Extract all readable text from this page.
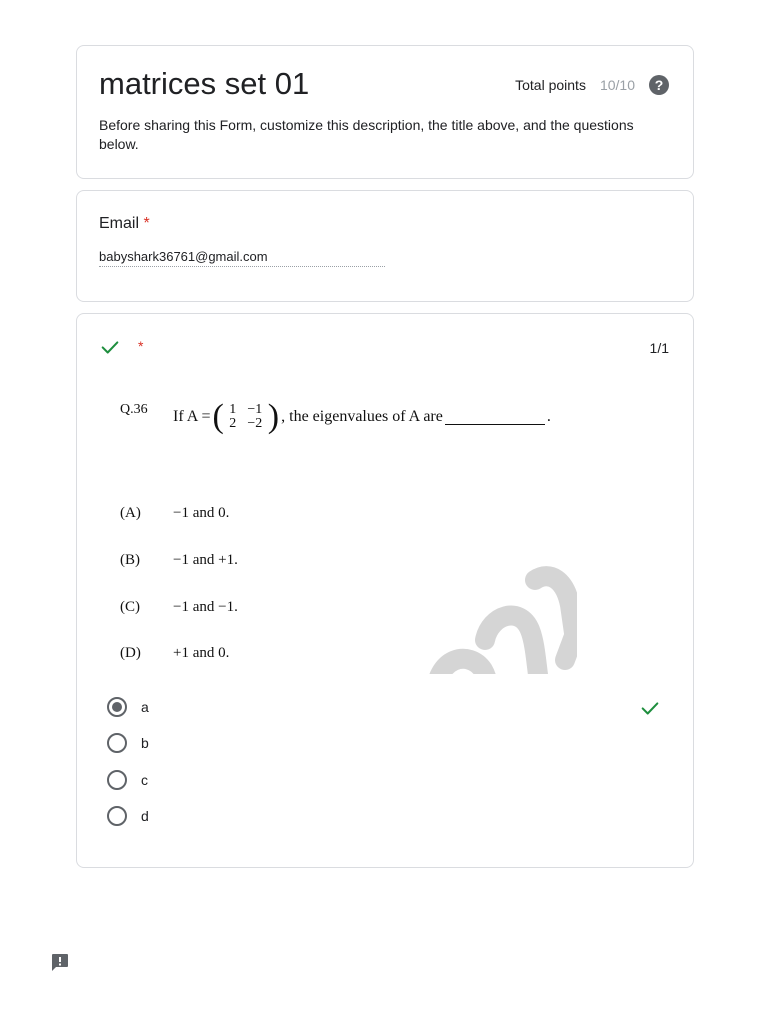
matrices set 01	Total points 10/10	?
Before sharing this Form, customize this description, the title above, and the questions below.
Email *
babyshark36761@gmail.com
*	1/1
Q.36 If A = ( 1 −1
2 −2 ) , the eigenvalues of A are	.
(A) −1 and 0.
(B) −1 and +1.
(C) −1 and −1.
(D) +1 and 0.
a
b
c
d
